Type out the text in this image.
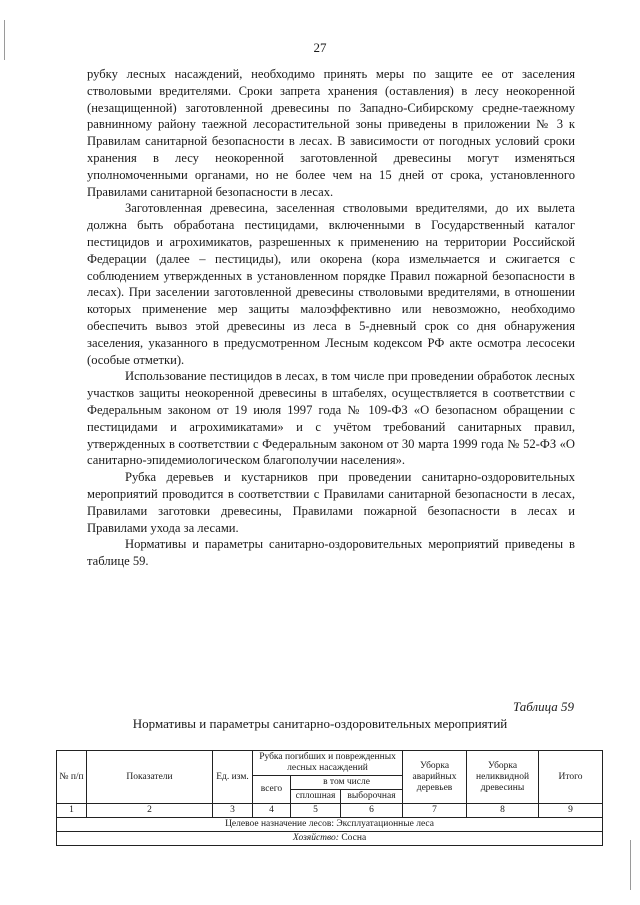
27

рубку лесных насаждений, необходимо принять меры по защите ее от заселения стволовыми вредителями. Сроки запрета хранения (оставления) в лесу неокоренной (незащищенной) заготовленной древесины по Западно-Сибирскому средне-таежному равнинному району таежной лесорастительной зоны приведены в приложении № 3 к Правилам санитарной безопасности в лесах. В зависимости от погодных условий сроки хранения в лесу неокоренной заготовленной древесины могут изменяться уполномоченными органами, но не более чем на 15 дней от срока, установленного Правилами санитарной безопасности в лесах.

Заготовленная древесина, заселенная стволовыми вредителями, до их вылета должна быть обработана пестицидами, включенными в Государственный каталог пестицидов и агрохимикатов, разрешенных к применению на территории Российской Федерации (далее – пестициды), или окорена (кора измельчается и сжигается с соблюдением утвержденных в установленном порядке Правил пожарной безопасности в лесах). При заселении заготовленной древесины стволовыми вредителями, в отношении которых применение мер защиты малоэффективно или невозможно, необходимо обеспечить вывоз этой древесины из леса в 5-дневный срок со дня обнаружения заселения, указанного в предусмотренном Лесным кодексом РФ акте осмотра лесосеки (особые отметки).

Использование пестицидов в лесах, в том числе при проведении обработок лесных участков защиты неокоренной древесины в штабелях, осуществляется в соответствии с Федеральным законом от 19 июля 1997 года № 109-ФЗ «О безопасном обращении с пестицидами и агрохимикатами» и с учётом требований санитарных правил, утвержденных в соответствии с Федеральным законом от 30 марта 1999 года № 52-ФЗ «О санитарно-эпидемиологическом благополучии населения».

Рубка деревьев и кустарников при проведении санитарно-оздоровительных мероприятий проводится в соответствии с Правилами санитарной безопасности в лесах, Правилами заготовки древесины, Правилами пожарной безопасности в лесах и Правилами ухода за лесами.

Нормативы и параметры санитарно-оздоровительных мероприятий приведены в таблице 59.

Таблица 59
Нормативы и параметры санитарно-оздоровительных мероприятий
№ п/п	Показатели	Ед. изм.	Рубка погибших и поврежденных лесных насаждений			Уборка аварийных деревьев	Уборка неликвидной древесины	Итого
			всего	в том числе				
				сплошная	выборочная			
1	2	3	4	5	6	7	8	9
Целевое назначение лесов: Эксплуатационные леса								
Хозяйство: Сосна								
